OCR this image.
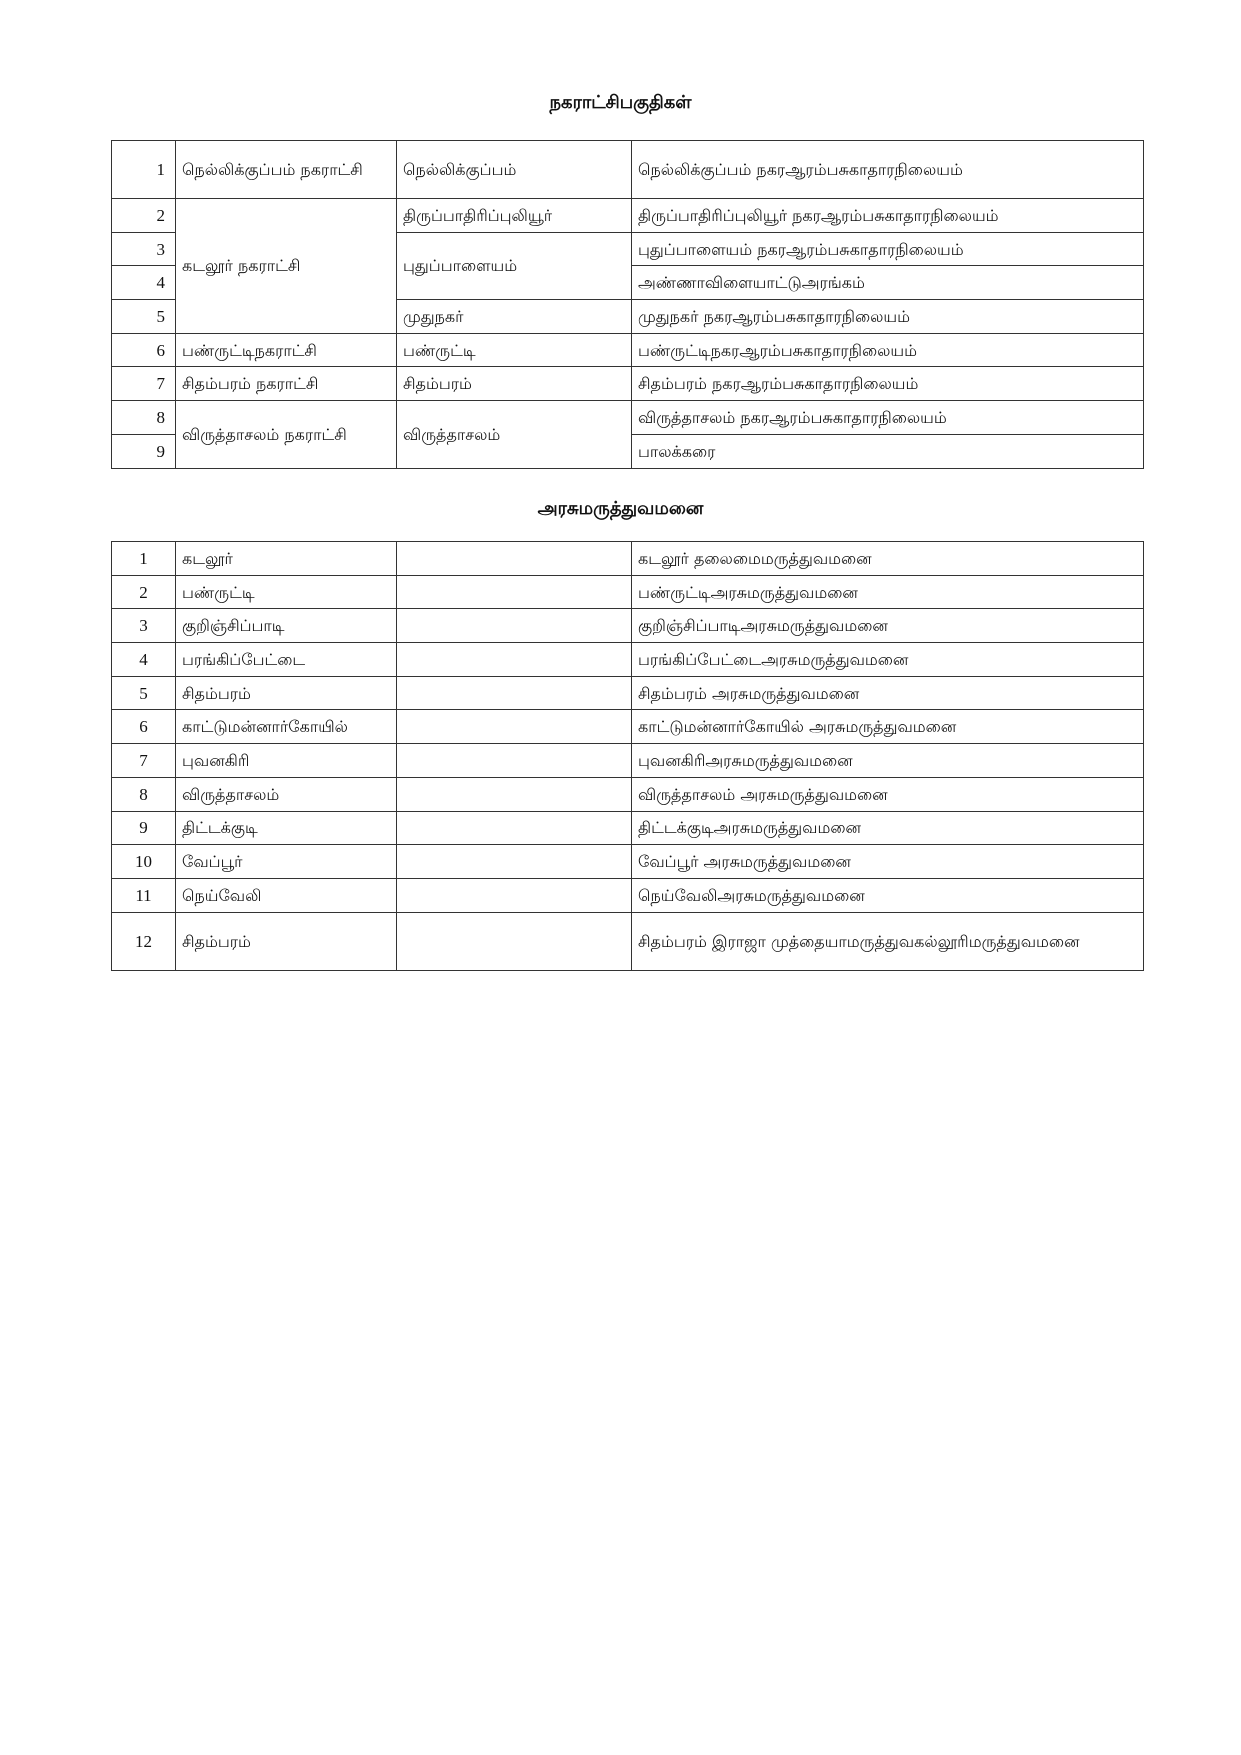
நகராட்சிபகுதிகள்
1	நெல்லிக்குப்பம் நகராட்சி	நெல்லிக்குப்பம்	நெல்லிக்குப்பம் நகரஆரம்பசுகாதாரநிலையம்
2	கடலூர் நகராட்சி	திருப்பாதிரிப்புலியூர்	திருப்பாதிரிப்புலியூர் நகரஆரம்பசுகாதாரநிலையம்
3		புதுப்பாளையம்	புதுப்பாளையம் நகரஆரம்பசுகாதாரநிலையம்
4			அண்ணாவிளையாட்டுஅரங்கம்
5		முதுநகர்	முதுநகர் நகரஆரம்பசுகாதாரநிலையம்
6	பண்ருட்டிநகராட்சி	பண்ருட்டி	பண்ருட்டிநகரஆரம்பசுகாதாரநிலையம்
7	சிதம்பரம் நகராட்சி	சிதம்பரம்	சிதம்பரம் நகரஆரம்பசுகாதாரநிலையம்
8	விருத்தாசலம் நகராட்சி	விருத்தாசலம்	விருத்தாசலம் நகரஆரம்பசுகாதாரநிலையம்
9			பாலக்கரை
அரசுமருத்துவமனை
1	கடலூர்		கடலூர் தலைமைமருத்துவமனை
2	பண்ருட்டி		பண்ருட்டிஅரசுமருத்துவமனை
3	குறிஞ்சிப்பாடி		குறிஞ்சிப்பாடிஅரசுமருத்துவமனை
4	பரங்கிப்பேட்டை		பரங்கிப்பேட்டைஅரசுமருத்துவமனை
5	சிதம்பரம்		சிதம்பரம் அரசுமருத்துவமனை
6	காட்டுமன்னார்கோயில்		காட்டுமன்னார்கோயில் அரசுமருத்துவமனை
7	புவனகிரி		புவனகிரிஅரசுமருத்துவமனை
8	விருத்தாசலம்		விருத்தாசலம் அரசுமருத்துவமனை
9	திட்டக்குடி		திட்டக்குடிஅரசுமருத்துவமனை
10	வேப்பூர்		வேப்பூர் அரசுமருத்துவமனை
11	நெய்வேலி		நெய்வேலிஅரசுமருத்துவமனை
12	சிதம்பரம்		சிதம்பரம் இராஜா முத்தையாமருத்துவகல்லூரிமருத்துவமனை
